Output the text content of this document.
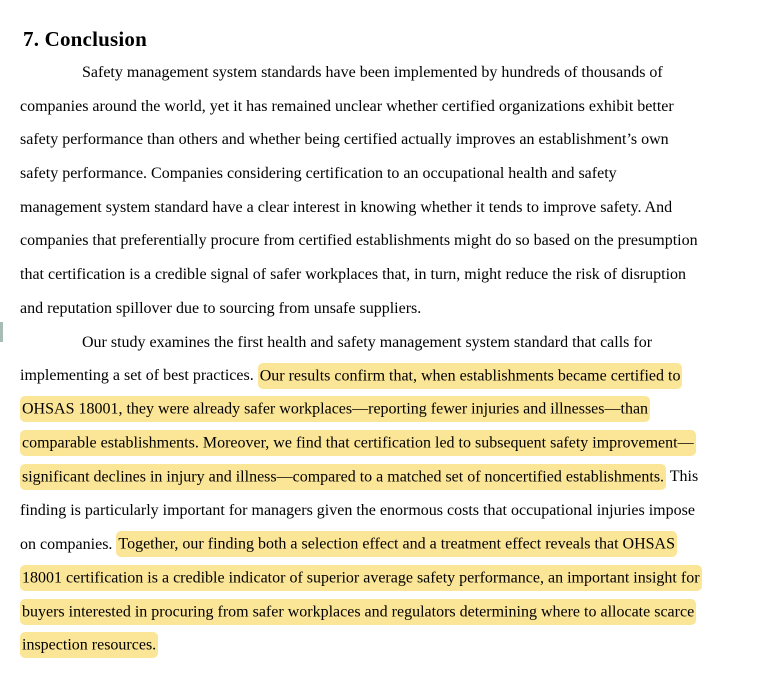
7. Conclusion
Safety management system standards have been implemented by hundreds of thousands of
companies around the world, yet it has remained unclear whether certified organizations exhibit better
safety performance than others and whether being certified actually improves an establishment’s own
safety performance. Companies considering certification to an occupational health and safety
management system standard have a clear interest in knowing whether it tends to improve safety. And
companies that preferentially procure from certified establishments might do so based on the presumption
that certification is a credible signal of safer workplaces that, in turn, might reduce the risk of disruption
and reputation spillover due to sourcing from unsafe suppliers.
Our study examines the first health and safety management system standard that calls for
implementing a set of best practices. Our results confirm that, when establishments became certified to
OHSAS 18001, they were already safer workplaces—reporting fewer injuries and illnesses—than
comparable establishments. Moreover, we find that certification led to subsequent safety improvement—
significant declines in injury and illness—compared to a matched set of noncertified establishments. This
finding is particularly important for managers given the enormous costs that occupational injuries impose
on companies. Together, our finding both a selection effect and a treatment effect reveals that OHSAS
18001 certification is a credible indicator of superior average safety performance, an important insight for
buyers interested in procuring from safer workplaces and regulators determining where to allocate scarce
inspection resources.
